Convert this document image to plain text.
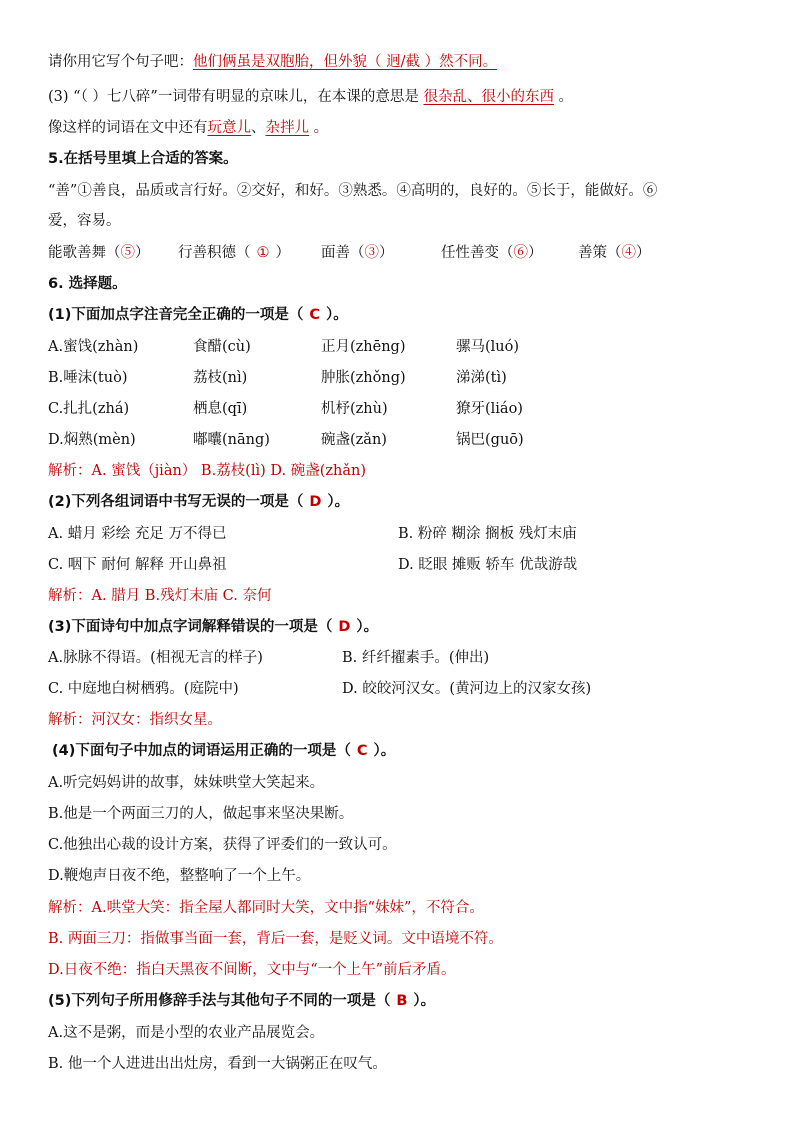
请你用它写个句子吧：他们俩虽是双胞胎，但外貌（ 迥/截 ）然不同。
(3) “（ ）七八碎”一词带有明显的京味儿，在本课的意思是 很杂乱、很小的东西 。
像这样的词语在文中还有玩意儿、杂拌儿 。
5.在括号里填上合适的答案。
“善”①善良，品质或言行好。②交好，和好。③熟悉。④高明的，良好的。⑤长于，能做好。⑥
爱，容易。
能歌善舞（⑤） 行善积德（ ① ） 面善（③）	任性善变（⑥） 善策（④）
6. 选择题。
(1)下面加点字注音完全正确的一项是（ C ）。
A.蜜饯(zhàn)	食醋(cù)	正月(zhēng)	骡马(luó)
B.唾沫(tuò)	荔枝(nì)	肿胀(zhǒng)	涕涕(tì)
C.扎扎(zhá)	栖息(qī)	机杼(zhù)	獠牙(liáo)
D.焖熟(mèn)	嘟囔(nāng)	碗盏(zǎn)	锅巴(guō)
解析：A. 蜜饯（jiàn） B.荔枝(lì) D. 碗盏(zhǎn)
(2)下列各组词语中书写无误的一项是（ D ）。
A. 蜡月 彩绘 充足 万不得已	B. 粉碎 糊涂 搁板 残灯末庙
C. 咽下 耐何 解释 开山鼻祖	D. 眨眼 摊贩 轿车 优哉游哉
解析：A. 腊月 B.残灯末庙 C. 奈何
(3)下面诗句中加点字词解释错误的一项是（ D ）。
A.脉脉不得语。(相视无言的样子)	B. 纤纤擢素手。(伸出)
C. 中庭地白树栖鸦。(庭院中)	D. 皎皎河汉女。(黄河边上的汉家女孩)
解析：河汉女：指织女星。
(4)下面句子中加点的词语运用正确的一项是（ C ）。
A.听完妈妈讲的故事，妹妹哄堂大笑起来。
B.他是一个两面三刀的人，做起事来坚决果断。
C.他独出心裁的设计方案，获得了评委们的一致认可。
D.鞭炮声日夜不绝，整整响了一个上午。
解析：A.哄堂大笑：指全屋人都同时大笑，文中指“妹妹”，不符合。
B. 两面三刀：指做事当面一套，背后一套，是贬义词。文中语境不符。
D.日夜不绝：指白天黑夜不间断，文中与“一个上午”前后矛盾。
(5)下列句子所用修辞手法与其他句子不同的一项是（ B ）。
A.这不是粥，而是小型的农业产品展览会。
B. 他一个人进进出出灶房，看到一大锅粥正在叹气。
